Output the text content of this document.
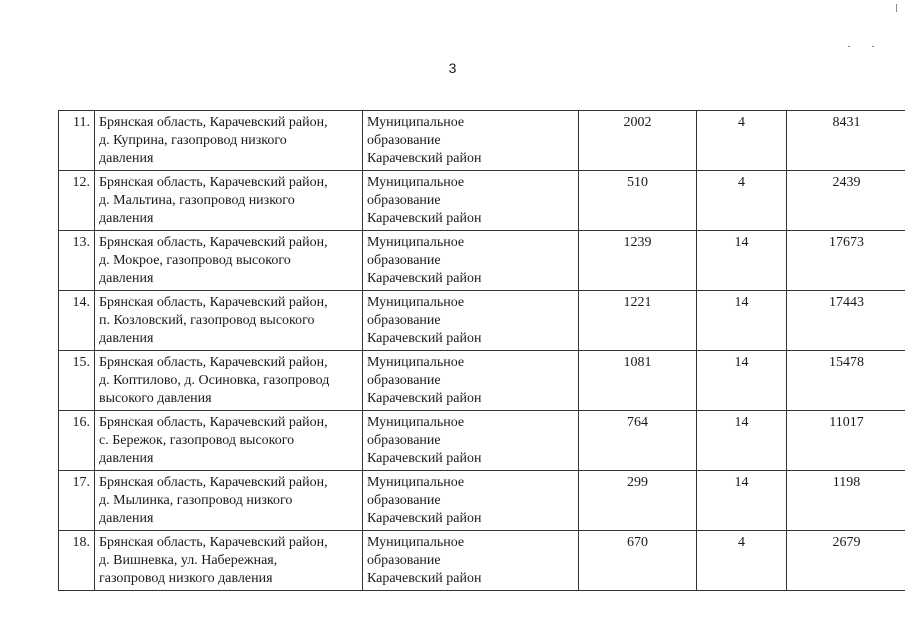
3
11.	Брянская область, Карачевский район,
д. Куприна, газопровод низкого
давления	Муниципальное
образование
Карачевский район	2002	4	8431
12.	Брянская область, Карачевский район,
д. Мальтина, газопровод низкого
давления	Муниципальное
образование
Карачевский район	510	4	2439
13.	Брянская область, Карачевский район,
д. Мокрое, газопровод высокого
давления	Муниципальное
образование
Карачевский район	1239	14	17673
14.	Брянская область, Карачевский район,
п. Козловский, газопровод высокого
давления	Муниципальное
образование
Карачевский район	1221	14	17443
15.	Брянская область, Карачевский район,
д. Коптилово, д. Осиновка, газопровод
высокого давления	Муниципальное
образование
Карачевский район	1081	14	15478
16.	Брянская область, Карачевский район,
с. Бережок, газопровод высокого
давления	Муниципальное
образование
Карачевский район	764	14	11017
17.	Брянская область, Карачевский район,
д. Мылинка, газопровод низкого
давления	Муниципальное
образование
Карачевский район	299	14	1198
18.	Брянская область, Карачевский район,
д. Вишневка, ул. Набережная,
газопровод низкого давления	Муниципальное
образование
Карачевский район	670	4	2679
